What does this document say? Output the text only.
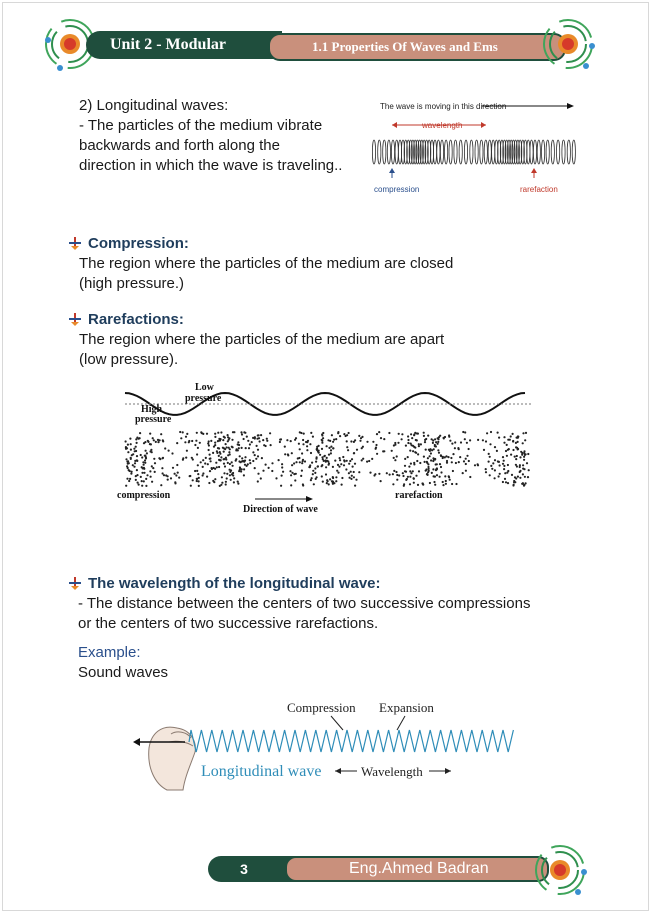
Unit 2 - Modular	1.1 Properties Of Waves and Ems
2) Longitudinal waves:
- The particles of the medium vibrate
backwards and forth along the
direction in which the wave is traveling..
The wave is moving in this direction
wavelength
compression	rarefaction
Compression:
The region where the particles of the medium are closed
(high pressure.)
Rarefactions:
The region where the particles of the medium are apart
(low pressure).
Low
pressure
High
pressure
compression	rarefaction
Direction of wave
The wavelength of the longitudinal wave:
- The distance between the centers of two successive compressions
or the centers of two successive rarefactions.
Example:
Sound waves
Compression Expansion
Longitudinal wave	Wavelength
3	Eng.Ahmed Badran
